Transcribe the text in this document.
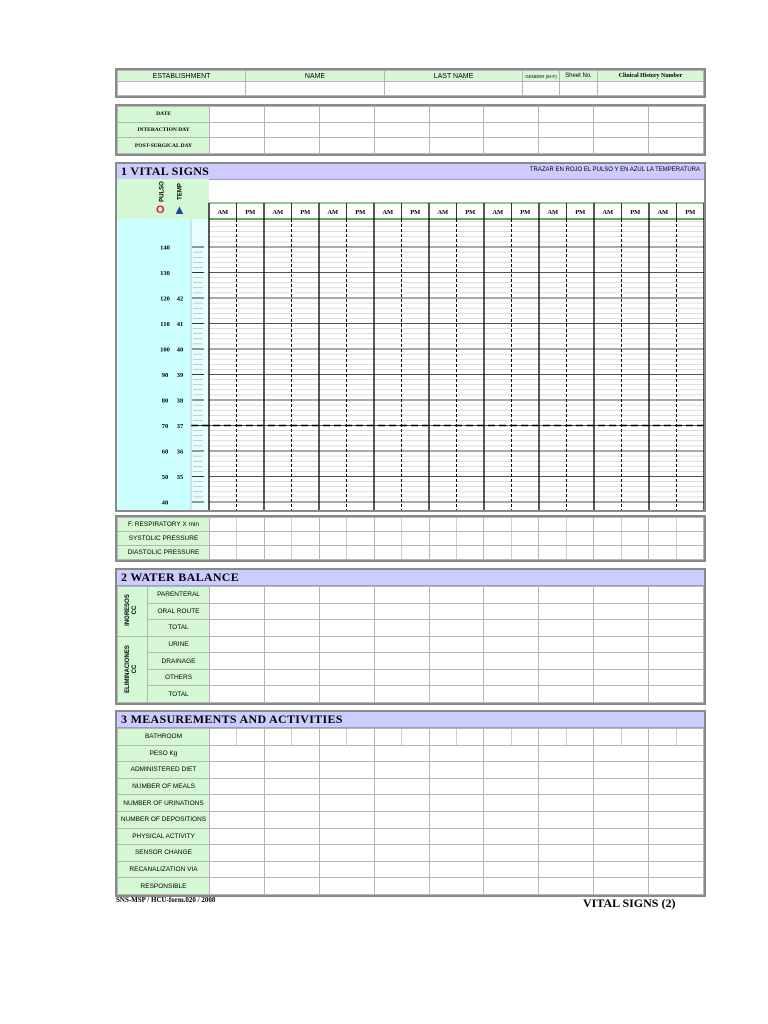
ESTABLISHMENT	NAME	LAST NAME	GENDER (M-F)	Sheet No.	Clinical History Number

DATE									
INTERACTION DAY									
POST-SURGICAL DAY									
1 VITAL SIGNS	TRAZAR EN ROJO EL PULSO Y EN AZUL LA TEMPERATURA
AM	PM	AM	PM	AM	PM	AM	PM	AM	PM	AM	PM	AM	PM	AM	PM	AM	PM
140
130
120 42
110 41
100 40
90 39
80 38
70 37
60 36
50 35
40
PULSO TEMP
O ▲
F. RESPIRATORY X min	

SYSTOLIC PRESSURE	

DIASTOLIC PRESSURE	

2 WATER BALANCE
INGRESOS
CC	PARENTERAL									
	ORAL ROUTE									
	TOTAL									

ELIMINACIONES
CC	URINE									
	DRAINAGE									
	OTHERS									
	TOTAL									
3 MEASUREMENTS AND ACTIVITIES
BATHROOM	

PESO Kg									
ADMINISTERED DIET									
NUMBER OF MEALS									
NUMBER OF URINATIONS									
NUMBER OF DEPOSITIONS									
PHYSICAL ACTIVITY									
SENSOR CHANGE									
RECANALIZATION VIA									
RESPONSIBLE									
SNS-MSP / HCU-form.020 / 2008	VITAL SIGNS (2)
